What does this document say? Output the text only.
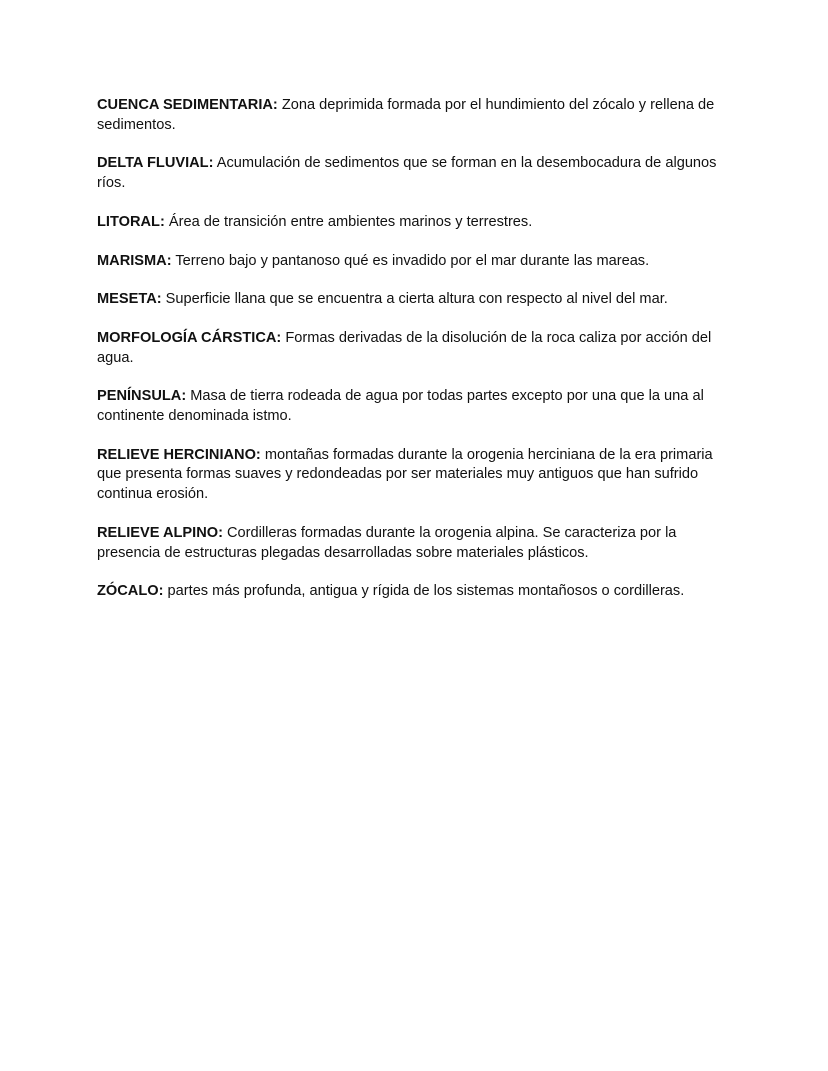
CUENCA SEDIMENTARIA: Zona deprimida formada por el hundimiento del zócalo y rellena de sedimentos.

DELTA FLUVIAL: Acumulación de sedimentos que se forman en la desembocadura de algunos ríos.

LITORAL: Área de transición entre ambientes marinos y terrestres.

MARISMA: Terreno bajo y pantanoso qué es invadido por el mar durante las mareas.

MESETA: Superficie llana que se encuentra a cierta altura con respecto al nivel del mar.

MORFOLOGÍA CÁRSTICA: Formas derivadas de la disolución de la roca caliza por acción del agua.

PENÍNSULA: Masa de tierra rodeada de agua por todas partes excepto por una que la una al continente denominada istmo.

RELIEVE HERCINIANO: montañas formadas durante la orogenia herciniana de la era primaria que presenta formas suaves y redondeadas por ser materiales muy antiguos que han sufrido continua erosión.

RELIEVE ALPINO: Cordilleras formadas durante la orogenia alpina. Se caracteriza por la presencia de estructuras plegadas desarrolladas sobre materiales plásticos.

ZÓCALO: partes más profunda, antigua y rígida de los sistemas montañosos o cordilleras.
